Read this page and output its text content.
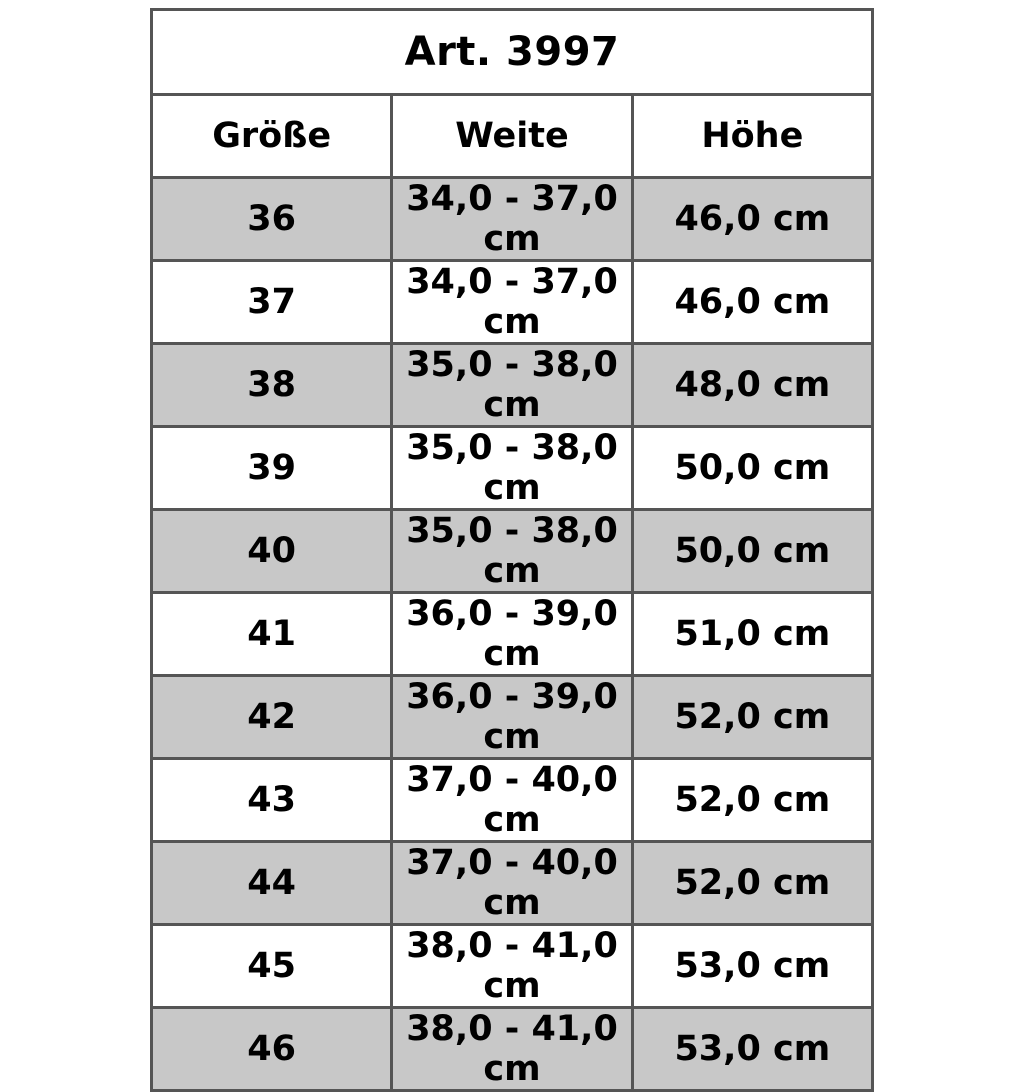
Art. 3997		
Größe	Weite	Höhe
36	34,0 - 37,0 cm	46,0 cm
37	34,0 - 37,0 cm	46,0 cm
38	35,0 - 38,0 cm	48,0 cm
39	35,0 - 38,0 cm	50,0 cm
40	35,0 - 38,0 cm	50,0 cm
41	36,0 - 39,0 cm	51,0 cm
42	36,0 - 39,0 cm	52,0 cm
43	37,0 - 40,0 cm	52,0 cm
44	37,0 - 40,0 cm	52,0 cm
45	38,0 - 41,0 cm	53,0 cm
46	38,0 - 41,0 cm	53,0 cm
